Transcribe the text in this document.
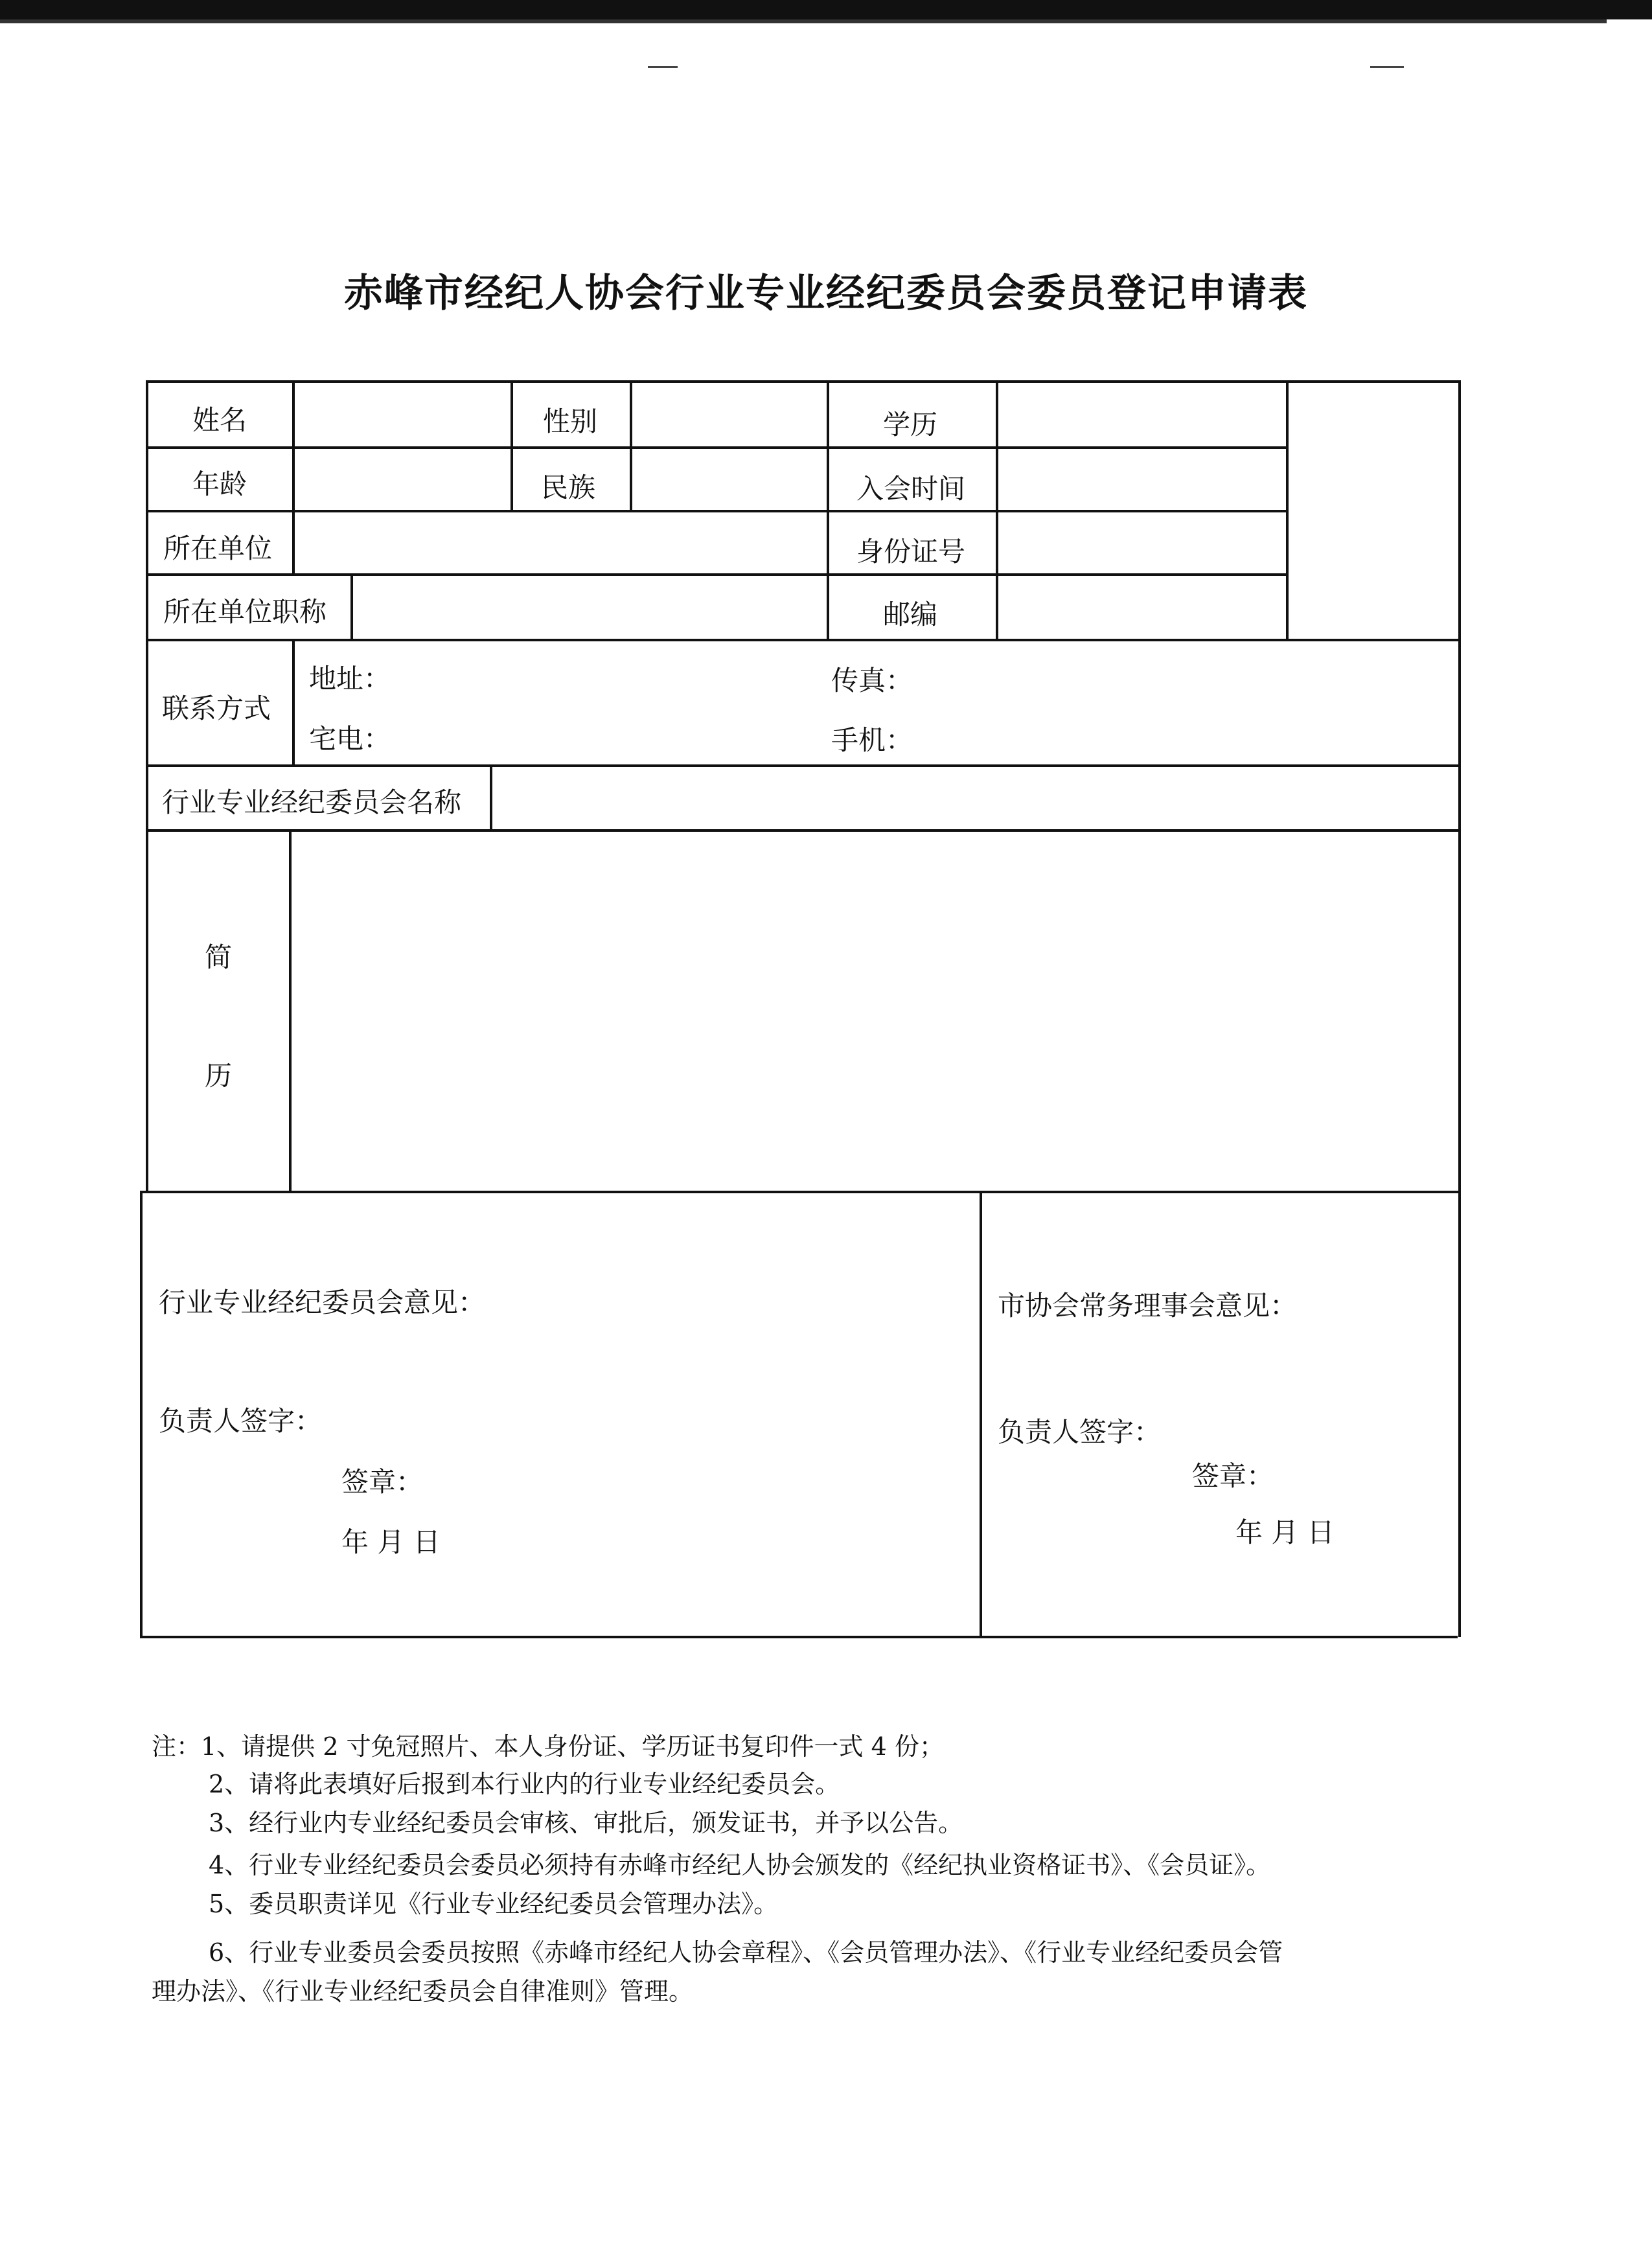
赤峰市经纪人协会行业专业经纪委员会委员登记申请表
姓名	性别	学历
年龄	民族	入会时间
所在单位	身份证号
所在单位职称	邮编
联系方式
地址：	传真：
宅电：	手机：
行业专业经纪委员会名称
简
历
行业专业经纪委员会意见：
负责人签字：
签章：
年 月 日
市协会常务理事会意见：
负责人签字：
签章：
年 月 日
注：1、请提供 2 寸免冠照片、本人身份证、学历证书复印件一式 4 份；
2、请将此表填好后报到本行业内的行业专业经纪委员会。
3、经行业内专业经纪委员会审核、审批后，颁发证书，并予以公告。
4、行业专业经纪委员会委员必须持有赤峰市经纪人协会颁发的《经纪执业资格证书》、《会员证》。
5、委员职责详见《行业专业经纪委员会管理办法》。
6、行业专业委员会委员按照《赤峰市经纪人协会章程》、《会员管理办法》、《行业专业经纪委员会管
理办法》、《行业专业经纪委员会自律准则》管理。
